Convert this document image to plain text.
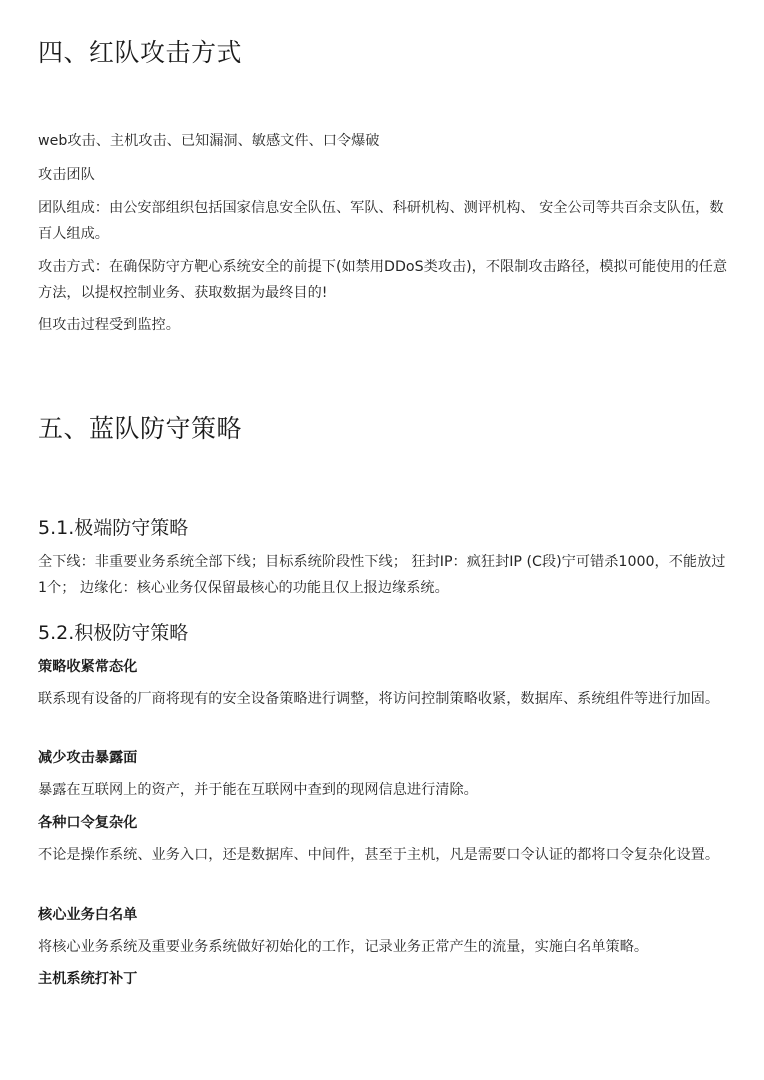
四、红队攻击方式

web攻击、主机攻击、已知漏洞、敏感文件、口令爆破

攻击团队

团队组成：由公安部组织包括国家信息安全队伍、军队、科研机构、测评机构、 安全公司等共百余支队伍，数百人组成。

攻击方式：在确保防守方靶心系统安全的前提下(如禁用DDoS类攻击)，不限制攻击路径，模拟可能使用的任意方法，以提权控制业务、获取数据为最终目的!

但攻击过程受到监控。

五、蓝队防守策略
5.1.极端防守策略

全下线：非重要业务系统全部下线；目标系统阶段性下线； 狂封IP：疯狂封IP (C段)宁可错杀1000，不能放过1个； 边缘化：核心业务仅保留最核心的功能且仅上报边缘系统。

5.2.积极防守策略
策略收紧常态化

联系现有设备的厂商将现有的安全设备策略进行调整，将访问控制策略收紧，数据库、系统组件等进行加固。

减少攻击暴露面

暴露在互联网上的资产，并于能在互联网中查到的现网信息进行清除。

各种口令复杂化

不论是操作系统、业务入口，还是数据库、中间件，甚至于主机，凡是需要口令认证的都将口令复杂化设置。

核心业务白名单

将核心业务系统及重要业务系统做好初始化的工作，记录业务正常产生的流量，实施白名单策略。

主机系统打补丁
